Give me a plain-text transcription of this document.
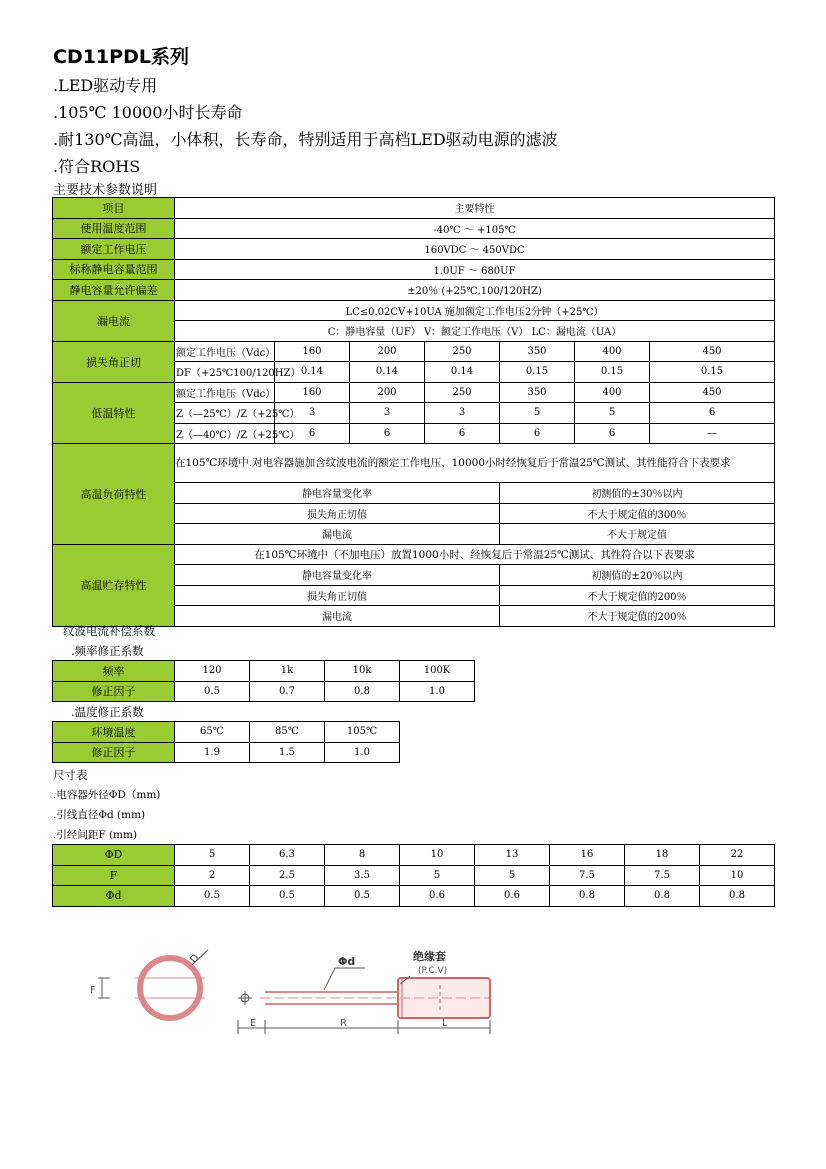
CD11PDL系列
.LED驱动专用
.105℃ 10000小时长寿命
.耐130℃高温，小体积，长寿命，特别适用于高档LED驱动电源的滤波
.符合ROHS
主要技术参数说明
项目	主要特性						
使用温度范围	-40℃ ～ +105℃						
额定工作电压	160VDC ～ 450VDC						
标称静电容量范围	1.0UF ～ 680UF						
静电容量允许偏差	±20％ (+25℃.100/120HZ)						
漏电流	LC≤0.02CV+10UA 施加额定工作电压2分钟（+25℃）						
	C：静电容量（UF） V：额定工作电压（V） LC：漏电流（UA）						
损失角正切	额定工作电压（Vdc）	160	200	250	350	400	450
	DF（+25℃100/120HZ）	0.14	0.14	0.14	0.15	0.15	0.15
低温特性	额定工作电压（Vdc）	160	200	250	350	400	450
	Z（—25℃）/Z（+25℃）	3	3	3	5	5	6
	Z（—40℃）/Z（+25℃）	6	6	6	6	6	—
高温负荷特性	在105℃环境中.对电容器施加含纹波电流的额定工作电压、10000小时经恢复后于常温25℃测试、其性能符合下表要求						
	静电容量变化率				初测值的±30％以内		
	损失角正切值				不大于规定值的300％		
	漏电流				不大于规定值		
高温贮存特性	在105℃环境中（不加电压）放置1000小时、经恢复后于常温25℃测试、其性符合以下表要求						
	静电容量变化率				初测值的±20％以内		
	损失角正切值				不大于规定值的200％		
	漏电流				不大于规定值的200％		
纹波电流补偿系数
.频率修正系数
频率	120	1k	10k	100K
修正因子	0.5	0.7	0.8	1.0
.温度修正系数
环境温度	65℃	85℃	105℃
修正因子	1.9	1.5	1.0
尺寸表
.电容器外径ΦD（mm)
.引线直径Φd (mm)
.引经间距F (mm)
ΦD	5	6.3	8	10	13	16	18	22
F	2	2.5	3.5	5	5	7.5	7.5	10
Φd	0.5	0.5	0.5	0.6	0.6	0.8	0.8	0.8
F
D	Φd	绝缘套
(P.C.V)
E	R	L
